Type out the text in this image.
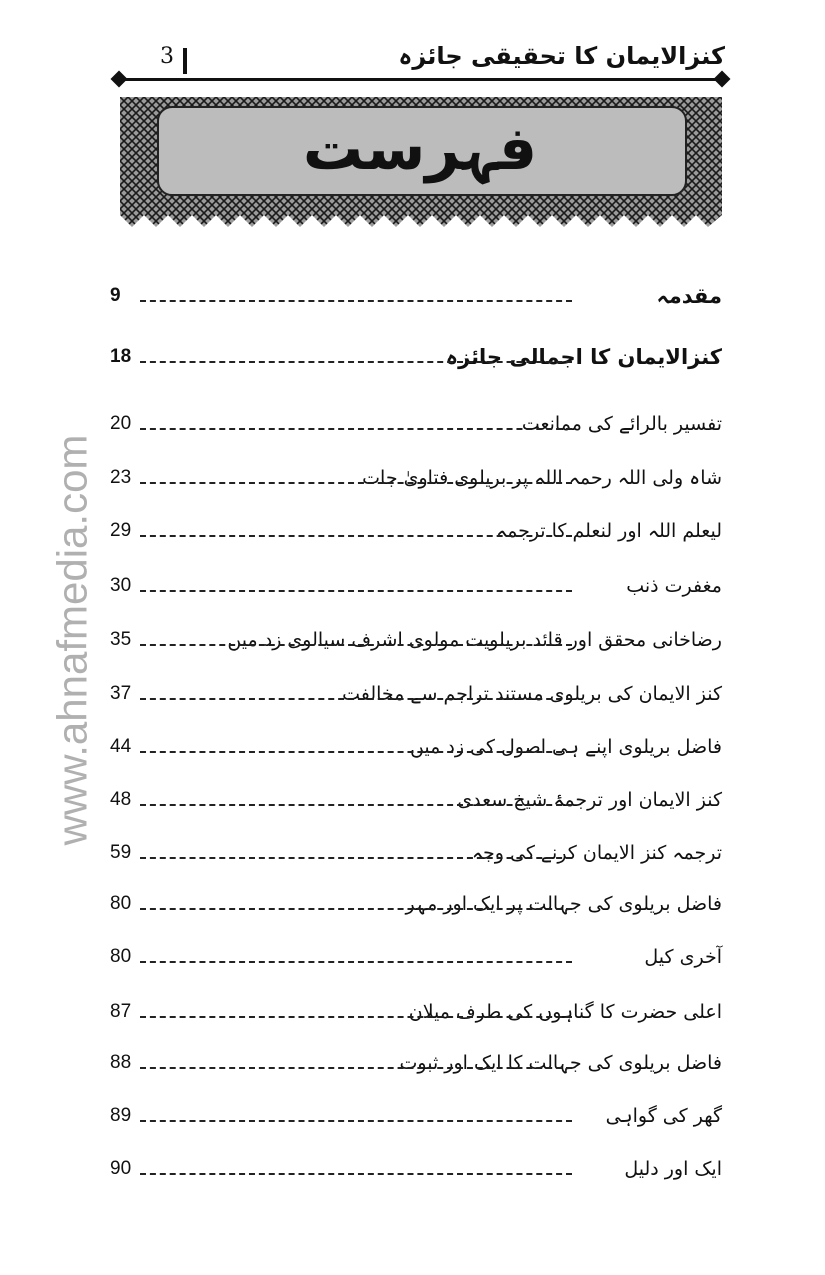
کنزالایمان کا تحقیقی جائزہ
3
فہرست
www.ahnafmedia.com
مقدمہ
9
کنزالایمان کا اجمالی جائزہ
18
تفسیر بالرائے کی ممانعت
20
شاہ ولی اللہ رحمہ اللہ پر بریلوی فتاویٰ جات
23
لیعلم اللہ اور لنعلم کا ترجمہ
29
مغفرت ذنب
30
رضاخانی محقق اور قائد بریلویت مولوی اشرف سیالوی زد میں
35
کنز الایمان کی بریلوی مستند تراجم سے مخالفت
37
فاضل بریلوی اپنے ہی اصول کی زد میں
44
کنز الایمان اور ترجمۂ شیخ سعدی
48
ترجمہ کنز الایمان کرنے کی وجہ
59
فاضل بریلوی کی جہالت پر ایک اور مہر
80
آخری کیل
80
اعلی حضرت کا گناہوں کی طرف میلان
87
فاضل بریلوی کی جہالت کا ایک اور ثبوت
88
گھر کی گواہی
89
ایک اور دلیل
90
